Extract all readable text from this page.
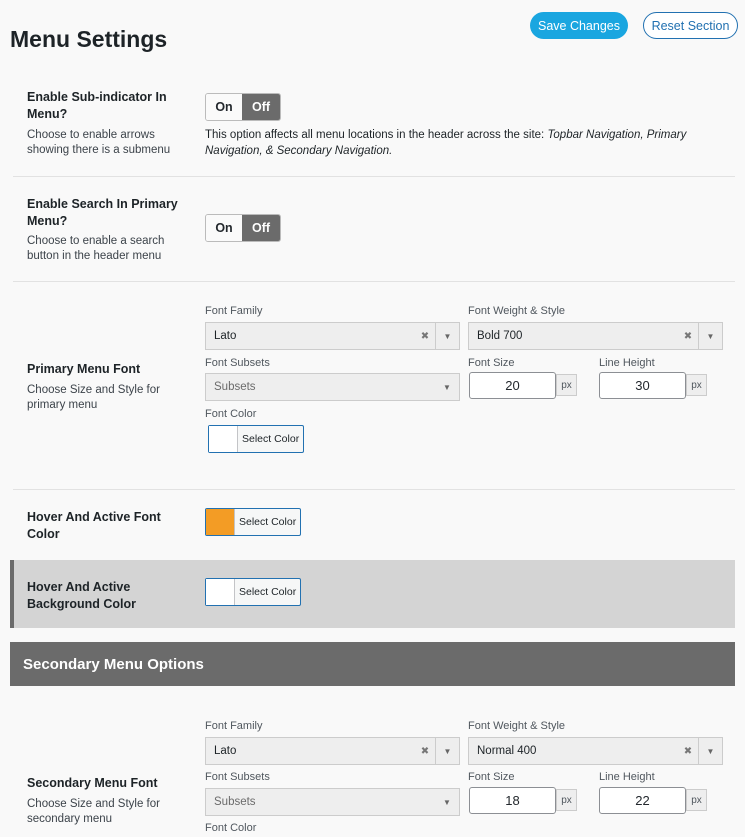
Menu Settings
Save Changes	Reset Section
Enable Sub-indicator In Menu?
Choose to enable arrows showing there is a submenu
On	Off
This option affects all menu locations in the header across the site: Topbar Navigation, Primary Navigation, & Secondary Navigation.
Enable Search In Primary Menu?
Choose to enable a search button in the header menu
On	Off
Primary Menu Font
Choose Size and Style for primary menu
Font Family
Lato	✖	▼
Font Weight & Style
Bold 700	✖	▼
Font Subsets
Subsets	▼
Font Size
20	px
Line Height
30	px
Font Color
Select Color
Hover And Active Font Color
Select Color
Hover And Active Background Color
Select Color
Secondary Menu Options
Secondary Menu Font
Choose Size and Style for secondary menu
Font Family
Lato	✖	▼
Font Weight & Style
Normal 400	✖	▼
Font Subsets
Subsets	▼
Font Size
18	px
Line Height
22	px
Font Color
